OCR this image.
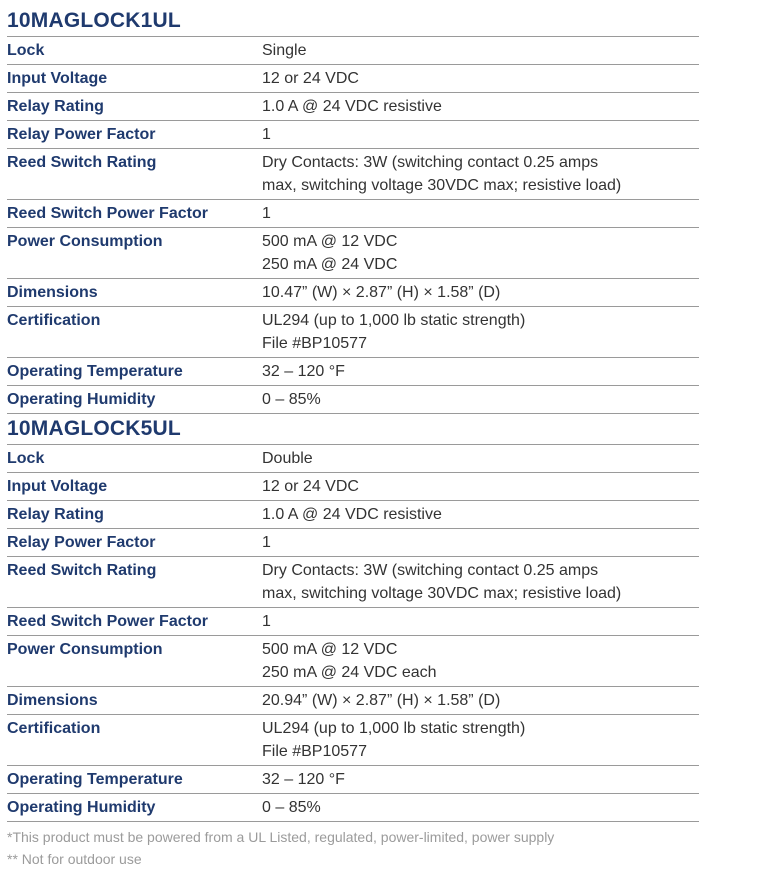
10MAGLOCK1UL
Lock	Single
Input Voltage	12 or 24 VDC
Relay Rating	1.0 A @ 24 VDC resistive
Relay Power Factor	1
Reed Switch Rating	Dry Contacts: 3W (switching contact 0.25 amps
max, switching voltage 30VDC max; resistive load)
Reed Switch Power Factor	1
Power Consumption	500 mA @ 12 VDC
250 mA @ 24 VDC
Dimensions	10.47” (W) × 2.87” (H) × 1.58” (D)
Certification	UL294 (up to 1,000 lb static strength)
File #BP10577
Operating Temperature	32 – 120 °F
Operating Humidity	0 – 85%
10MAGLOCK5UL
Lock	Double
Input Voltage	12 or 24 VDC
Relay Rating	1.0 A @ 24 VDC resistive
Relay Power Factor	1
Reed Switch Rating	Dry Contacts: 3W (switching contact 0.25 amps
max, switching voltage 30VDC max; resistive load)
Reed Switch Power Factor	1
Power Consumption	500 mA @ 12 VDC
250 mA @ 24 VDC each
Dimensions	20.94” (W) × 2.87” (H) × 1.58” (D)
Certification	UL294 (up to 1,000 lb static strength)
File #BP10577
Operating Temperature	32 – 120 °F
Operating Humidity	0 – 85%
*This product must be powered from a UL Listed, regulated, power-limited, power supply
** Not for outdoor use
